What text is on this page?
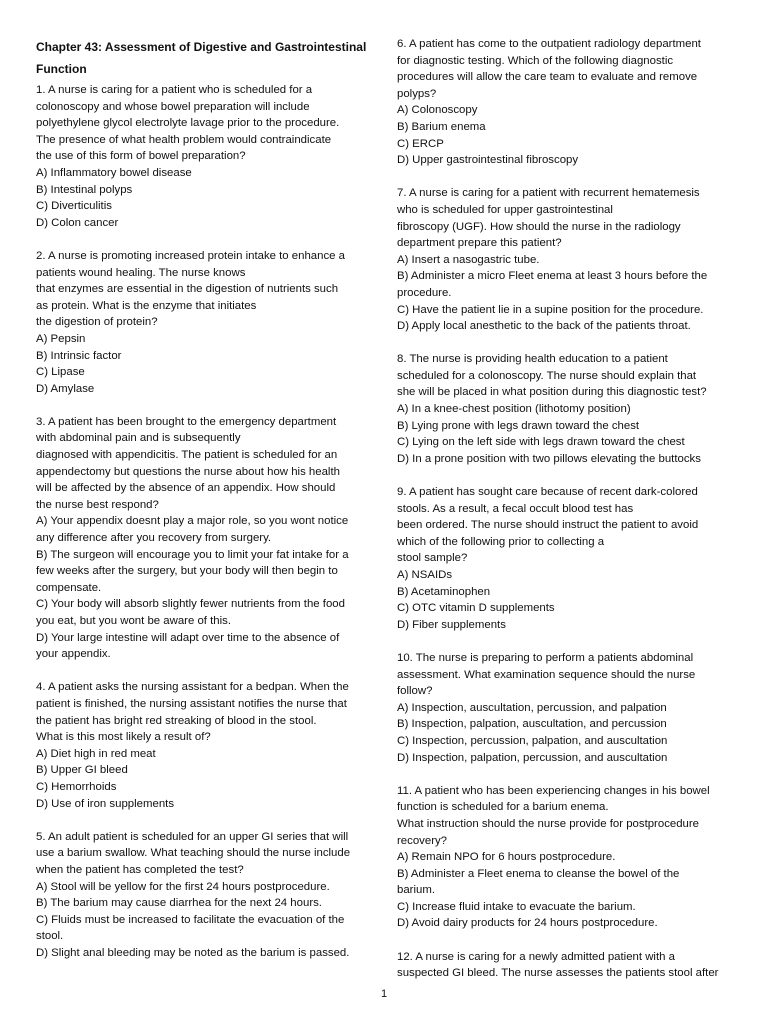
Chapter 43: Assessment of Digestive and Gastrointestinal
Function
1. A nurse is caring for a patient who is scheduled for a
colonoscopy and whose bowel preparation will include
polyethylene glycol electrolyte lavage prior to the procedure.
The presence of what health problem would contraindicate
the use of this form of bowel preparation?
A) Inflammatory bowel disease
B) Intestinal polyps
C) Diverticulitis
D) Colon cancer
2. A nurse is promoting increased protein intake to enhance a
patients wound healing. The nurse knows
that enzymes are essential in the digestion of nutrients such
as protein. What is the enzyme that initiates
the digestion of protein?
A) Pepsin
B) Intrinsic factor
C) Lipase
D) Amylase
3. A patient has been brought to the emergency department
with abdominal pain and is subsequently
diagnosed with appendicitis. The patient is scheduled for an
appendectomy but questions the nurse about how his health
will be affected by the absence of an appendix. How should
the nurse best respond?
A) Your appendix doesnt play a major role, so you wont notice
any difference after you recovery from surgery.
B) The surgeon will encourage you to limit your fat intake for a
few weeks after the surgery, but your body will then begin to
compensate.
C) Your body will absorb slightly fewer nutrients from the food
you eat, but you wont be aware of this.
D) Your large intestine will adapt over time to the absence of
your appendix.
4. A patient asks the nursing assistant for a bedpan. When the
patient is finished, the nursing assistant notifies the nurse that
the patient has bright red streaking of blood in the stool.
What is this most likely a result of?
A) Diet high in red meat
B) Upper GI bleed
C) Hemorrhoids
D) Use of iron supplements
5. An adult patient is scheduled for an upper GI series that will
use a barium swallow. What teaching should the nurse include
when the patient has completed the test?
A) Stool will be yellow for the first 24 hours postprocedure.
B) The barium may cause diarrhea for the next 24 hours.
C) Fluids must be increased to facilitate the evacuation of the
stool.
D) Slight anal bleeding may be noted as the barium is passed.
6. A patient has come to the outpatient radiology department
for diagnostic testing. Which of the following diagnostic
procedures will allow the care team to evaluate and remove
polyps?
A) Colonoscopy
B) Barium enema
C) ERCP
D) Upper gastrointestinal fibroscopy
7. A nurse is caring for a patient with recurrent hematemesis
who is scheduled for upper gastrointestinal
fibroscopy (UGF). How should the nurse in the radiology
department prepare this patient?
A) Insert a nasogastric tube.
B) Administer a micro Fleet enema at least 3 hours before the
procedure.
C) Have the patient lie in a supine position for the procedure.
D) Apply local anesthetic to the back of the patients throat.
8. The nurse is providing health education to a patient
scheduled for a colonoscopy. The nurse should explain that
she will be placed in what position during this diagnostic test?
A) In a knee-chest position (lithotomy position)
B) Lying prone with legs drawn toward the chest
C) Lying on the left side with legs drawn toward the chest
D) In a prone position with two pillows elevating the buttocks
9. A patient has sought care because of recent dark-colored
stools. As a result, a fecal occult blood test has
been ordered. The nurse should instruct the patient to avoid
which of the following prior to collecting a
stool sample?
A) NSAIDs
B) Acetaminophen
C) OTC vitamin D supplements
D) Fiber supplements
10. The nurse is preparing to perform a patients abdominal
assessment. What examination sequence should the nurse
follow?
A) Inspection, auscultation, percussion, and palpation
B) Inspection, palpation, auscultation, and percussion
C) Inspection, percussion, palpation, and auscultation
D) Inspection, palpation, percussion, and auscultation
11. A patient who has been experiencing changes in his bowel
function is scheduled for a barium enema.
What instruction should the nurse provide for postprocedure
recovery?
A) Remain NPO for 6 hours postprocedure.
B) Administer a Fleet enema to cleanse the bowel of the
barium.
C) Increase fluid intake to evacuate the barium.
D) Avoid dairy products for 24 hours postprocedure.
12. A nurse is caring for a newly admitted patient with a
suspected GI bleed. The nurse assesses the patients stool after
1
